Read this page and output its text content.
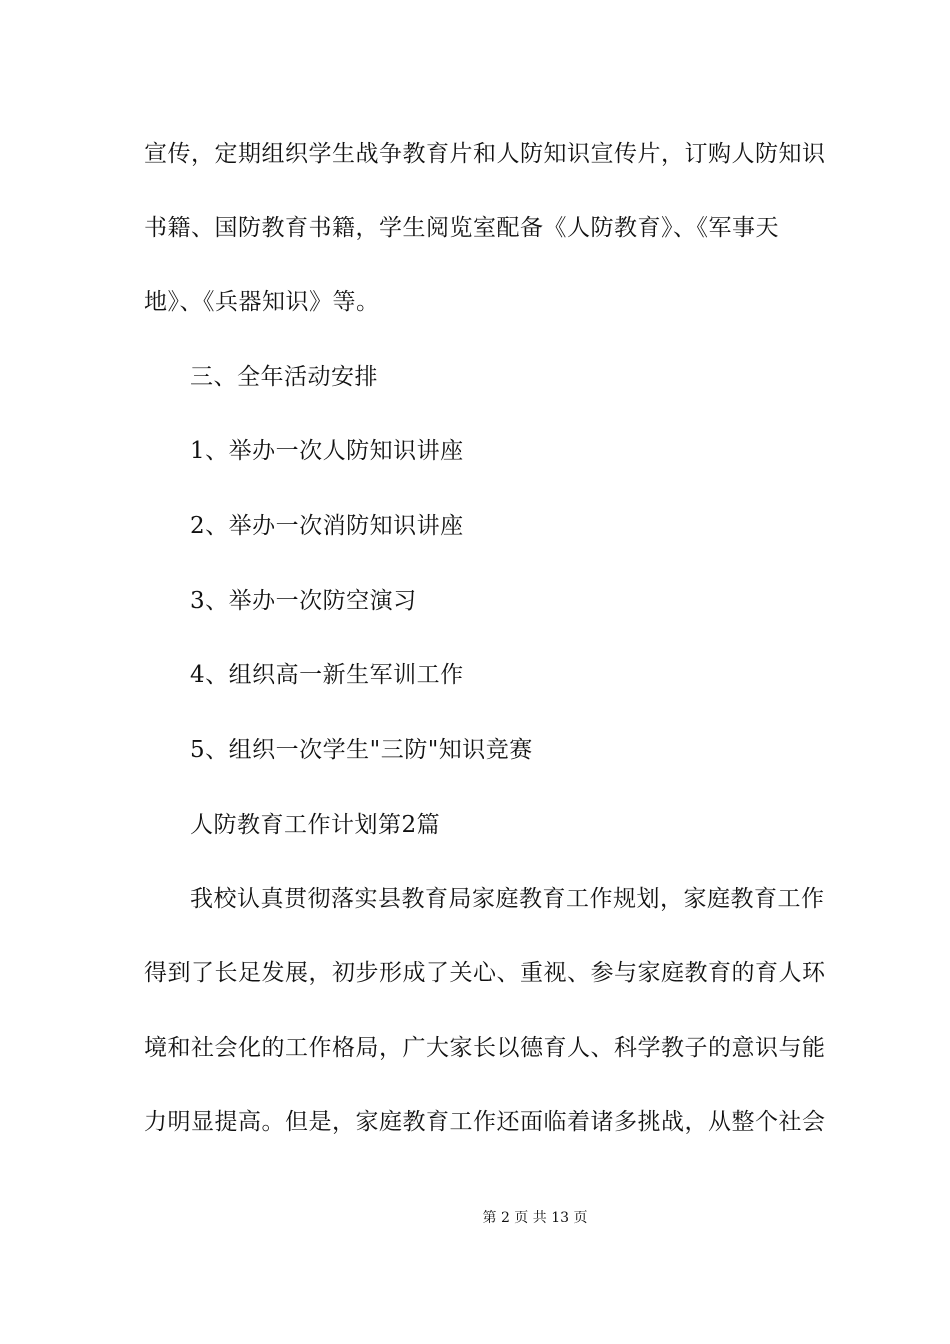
宣传，定期组织学生战争教育片和人防知识宣传片，订购人防知识
书籍、国防教育书籍，学生阅览室配备《人防教育》、《军事天
地》、《兵器知识》等。
三、全年活动安排
1、举办一次人防知识讲座
2、举办一次消防知识讲座
3、举办一次防空演习
4、组织高一新生军训工作
5、组织一次学生"三防"知识竞赛
人防教育工作计划第2篇
我校认真贯彻落实县教育局家庭教育工作规划，家庭教育工作
得到了长足发展，初步形成了关心、重视、参与家庭教育的育人环
境和社会化的工作格局，广大家长以德育人、科学教子的意识与能
力明显提高。但是，家庭教育工作还面临着诸多挑战，从整个社会
第 2 页 共 13 页
